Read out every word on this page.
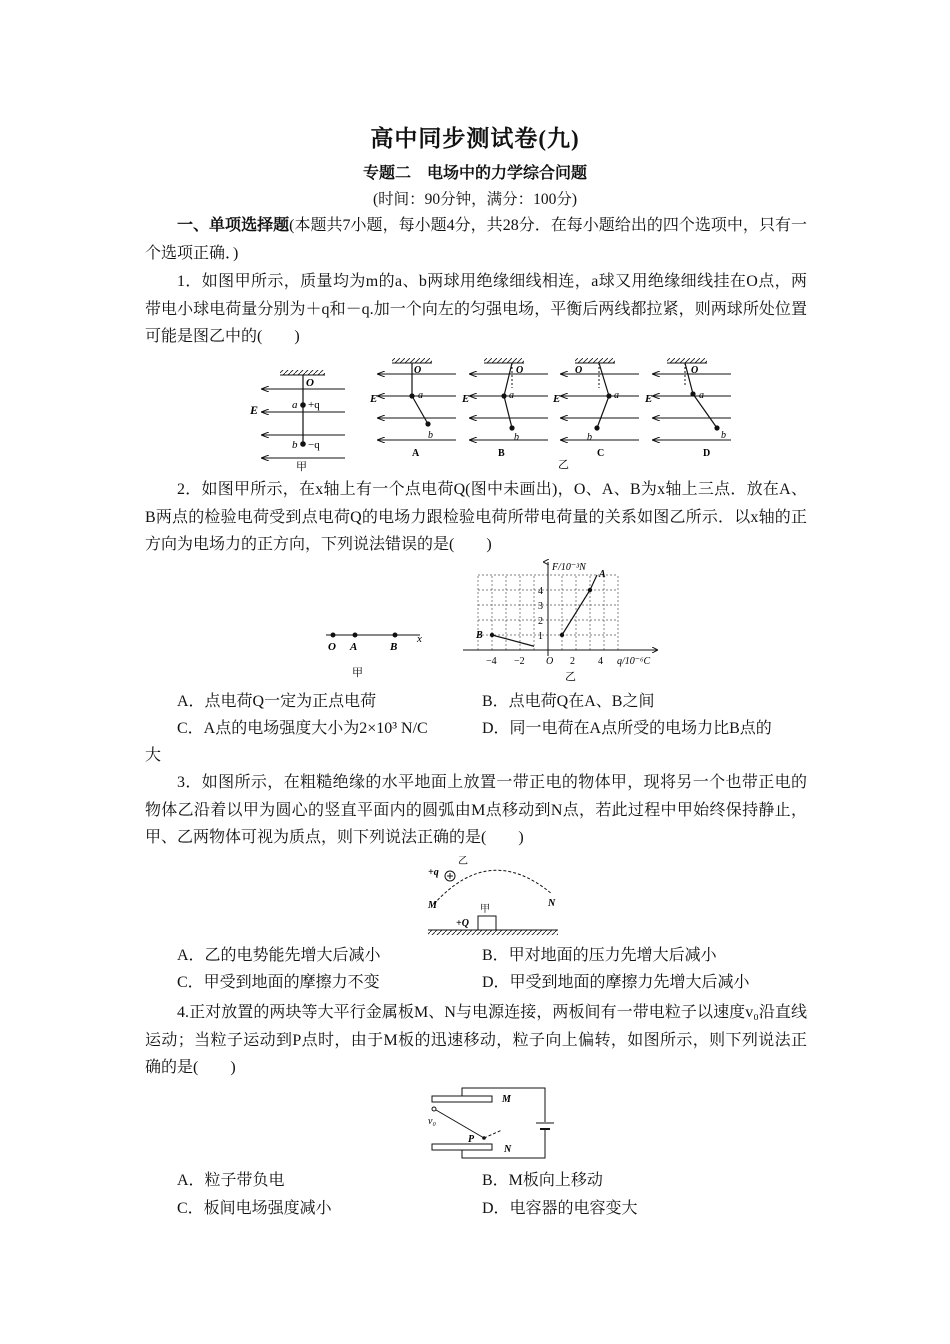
高中同步测试卷(九)
专题二　电场中的力学综合问题
(时间：90分钟，满分：100分)

一、单项选择题(本题共7小题，每小题4分，共28分．在每小题给出的四个选项中，只有一个选项正确．)

1．如图甲所示，质量均为m的a、b两球用绝缘细线相连，a球又用绝缘细线挂在O点，两带电小球电荷量分别为＋q和－q.加一个向左的匀强电场，平衡后两线都拉紧，则两球所处位置可能是图乙中的(　　)

O
E	a +q
b −q
甲
O
E	a
b
A
O
E	a
b
B
O
E	a
b
C
O
E	a
b
D
乙

2．如图甲所示，在x轴上有一个点电荷Q(图中未画出)，O、A、B为x轴上三点．放在A、B两点的检验电荷受到点电荷Q的电场力跟检验电荷所带电荷量的关系如图乙所示．以x轴的正方向为电场力的正方向，下列说法错误的是(　　)

O A	B
x
甲
−4 −2 O 2 4
1
2
3
4
A
B
F/10⁻³N
q/10⁻⁶C
乙
A．点电荷Q一定为正点电荷	B．点电荷Q在A、B之间
C．A点的电场强度大小为2×10³ N/C	D．同一电荷在A点所受的电场力比B点的
大

3．如图所示，在粗糙绝缘的水平地面上放置一带正电的物体甲，现将另一个也带正电的物体乙沿着以甲为圆心的竖直平面内的圆弧由M点移动到N点，若此过程中甲始终保持静止，甲、乙两物体可视为质点，则下列说法正确的是(　　)

乙
+q
M	N
甲
+Q
A．乙的电势能先增大后减小	B．甲对地面的压力先增大后减小
C．甲受到地面的摩擦力不变	D．甲受到地面的摩擦力先增大后减小

4.正对放置的两块等大平行金属板M、N与电源连接，两板间有一带电粒子以速度v₀沿直线运动；当粒子运动到P点时，由于M板的迅速移动，粒子向上偏转，如图所示，则下列说法正确的是(　　)

M
N
P
v₀
A．粒子带负电	B．M板向上移动
C．板间电场强度减小	D．电容器的电容变大
